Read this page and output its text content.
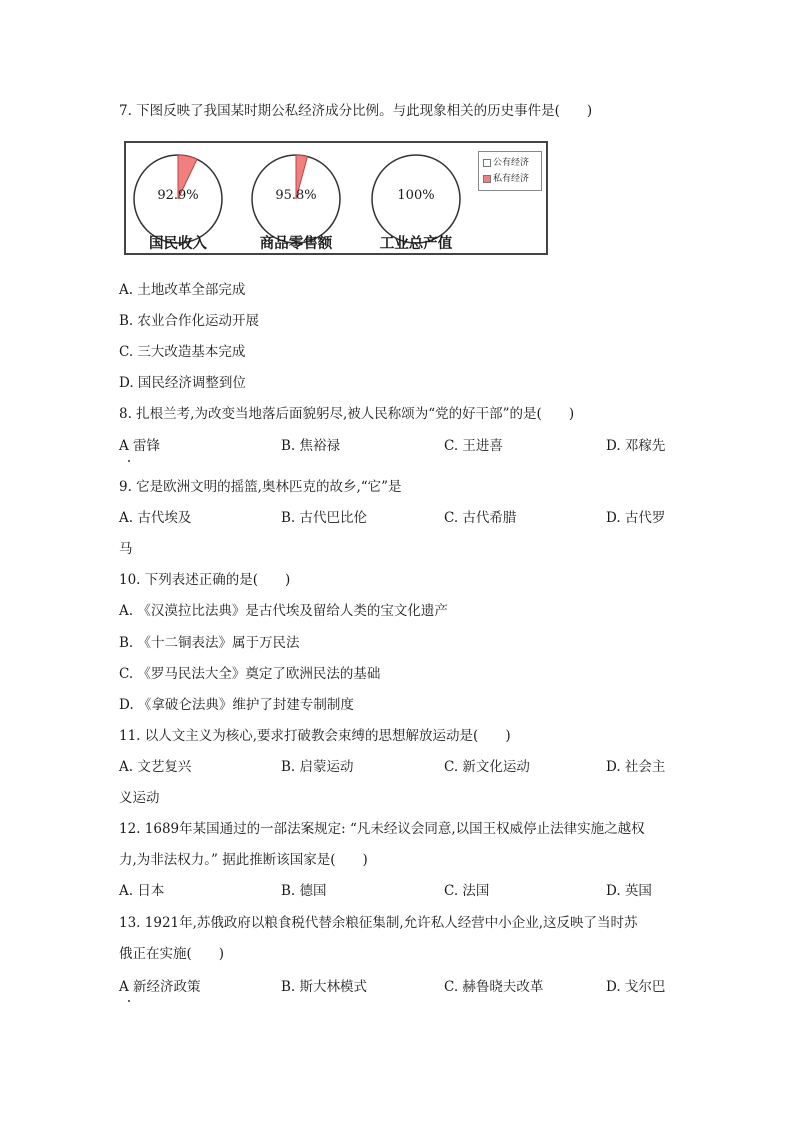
7. 下图反映了我国某时期公私经济成分比例。与此现象相关的历史事件是(　　)
92.9%
国民收入
95.8%
商品零售额
100%
工业总产值
公有经济
私有经济
A. 土地改革全部完成
B. 农业合作化运动开展
C. 三大改造基本完成
D. 国民经济调整到位
8. 扎根兰考,为改变当地落后面貌躬尽,被人民称颂为“党的好干部”的是(　　)
A 雷锋	B. 焦裕禄	C. 王进喜	D. 邓稼先
9. 它是欧洲文明的摇篮,奥林匹克的故乡,“它”是
A. 古代埃及	B. 古代巴比伦	C. 古代希腊	D. 古代罗
马
10. 下列表述正确的是(　　)
A. 《汉漠拉比法典》是古代埃及留给人类的宝文化遗产
B. 《十二铜表法》属于万民法
C. 《罗马民法大全》奠定了欧洲民法的基础
D. 《拿破仑法典》维护了封建专制制度
11. 以人文主义为核心,要求打破教会束缚的思想解放运动是(　　)
A. 文艺复兴	B. 启蒙运动	C. 新文化运动	D. 社会主
义运动
12. 1689年某国通过的一部法案规定: “凡未经议会同意,以国王权威停止法律实施之越权
力,为非法权力。” 据此推断该国家是(　　)
A. 日本	B. 德国	C. 法国	D. 英国
13. 1921年,苏俄政府以粮食税代替余粮征集制,允许私人经营中小企业,这反映了当时苏
俄正在实施(　　)
A 新经济政策	B. 斯大林模式	C. 赫鲁晓夫改革	D. 戈尔巴
